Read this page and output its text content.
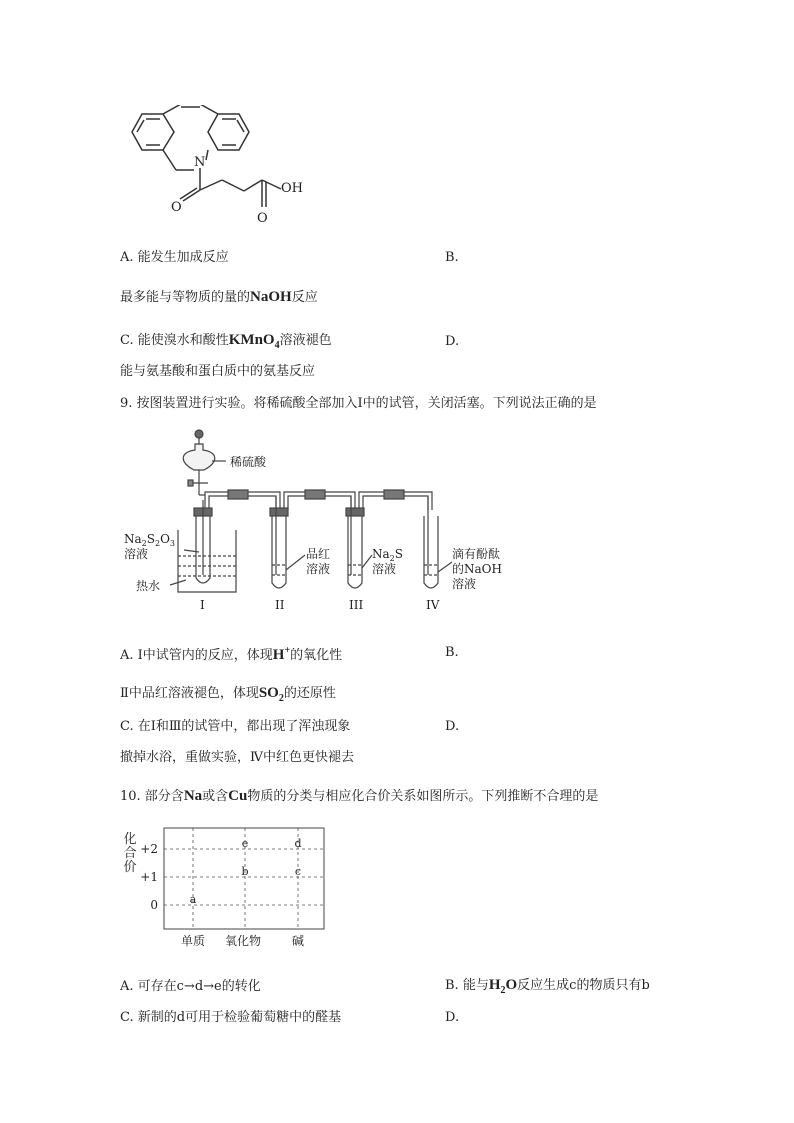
N
O
OH
O
A. 能发生加成反应	B.
最多能与等物质的量的NaOH反应
C. 能使溴水和酸性KMnO$_4$溶液褪色	D.
能与氨基酸和蛋白质中的氨基反应
9. 按图装置进行实验。将稀硫酸全部加入Ⅰ中的试管，关闭活塞。下列说法正确的是
稀硫酸
$Na_2S_2O_3$
溶液
热水
品红
溶液
$Na_2S$
溶液
滴有酚酞
的NaOH
溶液
I	II	III	IV
A. Ⅰ中试管内的反应，体现H+的氧化性	B.
Ⅱ中品红溶液褪色，体现$SO_2$的还原性
C. 在Ⅰ和Ⅲ的试管中，都出现了浑浊现象	D.
撤掉水浴，重做实验，Ⅳ中红色更快褪去
10. 部分含Na或含Cu物质的分类与相应化合价关系如图所示。下列推断不合理的是
+2
+1
0
单质 氧化物	碱
a
b	c
d
e
化
合
价
A. 可存在c→d→e的转化	B. 能与$H_2O$反应生成c的物质只有b
C. 新制的d可用于检验葡萄糖中的醛基	D.
